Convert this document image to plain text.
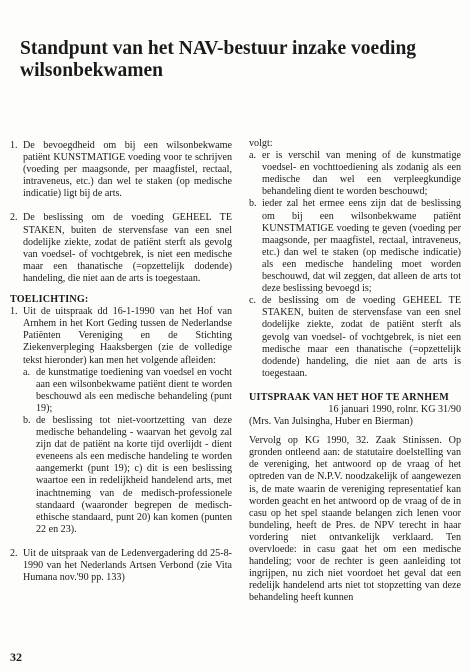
Standpunt van het NAV-bestuur inzake voeding wilsonbekwamen
1. De bevoegdheid om bij een wilsonbekwame patiënt KUNSTMATIGE voeding voor te schrijven (voeding per maagsonde, per maagfistel, rectaal, intraveneus, etc.) dan wel te staken (op medische indicatie) ligt bij de arts.

2. De beslissing om de voeding GEHEEL TE STAKEN, buiten de stervensfase van een snel dodelijke ziekte, zodat de patiënt sterft als gevolg van voedsel- of vochtgebrek, is niet een medische maar een thanatische (=opzettelijk dodende) handeling, die niet aan de arts is toegestaan.

TOELICHTING:

1. Uit de uitspraak dd 16-1-1990 van het Hof van Arnhem in het Kort Geding tussen de Nederlandse Patiënten Vereniging en de Stichting Ziekenverpleging Haaksbergen (zie de volledige tekst hieronder) kan men het volgende afleiden:

a. de kunstmatige toediening van voedsel en vocht aan een wilsonbekwame patiënt dient te worden beschouwd als een medische behandeling (punt 19);

b. de beslissing tot niet-voortzetting van deze medische behandeling - waarvan het gevolg zal zijn dat de patiënt na korte tijd overlijdt - dient eveneens als een medische handeling te worden aangemerkt (punt 19); c) dit is een beslissing waartoe een in redelijkheid handelend arts, met inachtneming van de medisch-professionele standaard (waaronder begrepen de medisch-ethische standaard, punt 20) kan komen (punten 22 en 23).

2. Uit de uitspraak van de Ledenvergadering dd 25-8-1990 van het Nederlands Artsen Verbond (zie Vita Humana nov.'90 pp. 133)

volgt:

a. er is verschil van mening of de kunstmatige voedsel- en vochttoediening als zodanig als een medische dan wel een verpleegkundige behandeling dient te worden beschouwd;

b. ieder zal het ermee eens zijn dat de beslissing om bij een wilsonbekwame patiënt KUNSTMATIGE voeding te geven (voeding per maagsonde, per maagfistel, rectaal, intraveneus, etc.) dan wel te staken (op medische indicatie) als een medische handeling moet worden beschouwd, dat wil zeggen, dat alleen de arts tot deze beslissing bevoegd is;

c. de beslissing om de voeding GEHEEL TE STAKEN, buiten de stervensfase van een snel dodelijke ziekte, zodat de patiënt sterft als gevolg van voedsel- of vochtgebrek, is niet een medische maar een thanatische (=opzettelijk dodende) handeling, die niet aan de arts is toegestaan.

UITSPRAAK VAN HET HOF TE ARNHEM

16 januari 1990, rolnr. KG 31/90

(Mrs. Van Julsingha, Huber en Bierman)

Vervolg op KG 1990, 32. Zaak Stinissen. Op gronden ontleend aan: de statutaire doelstelling van de vereniging, het antwoord op de vraag of het optreden van de N.P.V. noodzakelijk of aangewezen is, de mate waarin de vereniging representatief kan worden geacht en het antwoord op de vraag of de in casu op het spel staande belangen zich lenen voor bundeling, heeft de Pres. de NPV terecht in haar vordering niet ontvankelijk verklaard. Ten overvloede: in casu gaat het om een medische handeling; voor de rechter is geen aanleiding tot ingrijpen, nu zich niet voordoet het geval dat een redelijk handelend arts niet tot stopzetting van deze behandeling heeft kunnen

32
